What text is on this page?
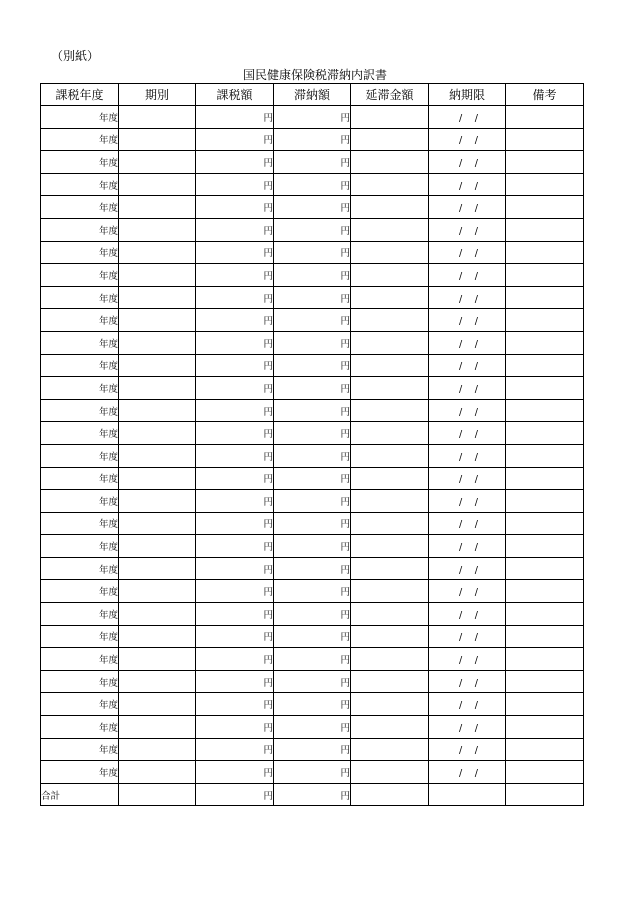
（別紙）
国民健康保険税滞納内訳書
課税年度	期別	課税額	滞納額	延滞金額	納期限	備考
年度		円	円		/　 /	
年度		円	円		/　 /	
年度		円	円		/　 /	
年度		円	円		/　 /	
年度		円	円		/　 /	
年度		円	円		/　 /	
年度		円	円		/　 /	
年度		円	円		/　 /	
年度		円	円		/　 /	
年度		円	円		/　 /	
年度		円	円		/　 /	
年度		円	円		/　 /	
年度		円	円		/　 /	
年度		円	円		/　 /	
年度		円	円		/　 /	
年度		円	円		/　 /	
年度		円	円		/　 /	
年度		円	円		/　 /	
年度		円	円		/　 /	
年度		円	円		/　 /	
年度		円	円		/　 /	
年度		円	円		/　 /	
年度		円	円		/　 /	
年度		円	円		/　 /	
年度		円	円		/　 /	
年度		円	円		/　 /	
年度		円	円		/　 /	
年度		円	円		/　 /	
年度		円	円		/　 /	
年度		円	円		/　 /	
合計		円	円			
